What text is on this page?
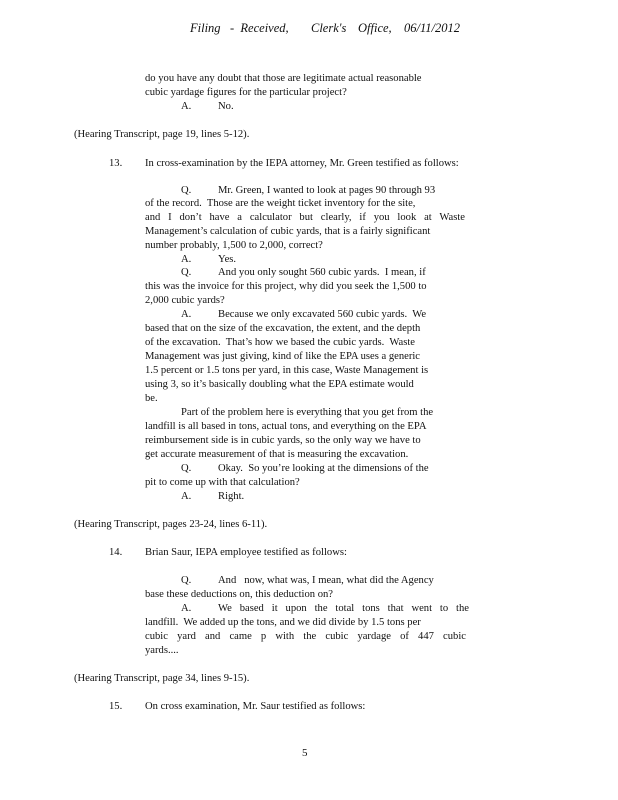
Filing -  Received, Clerk's Office, 06/11/2012
do you have any doubt that those are legitimate actual reasonable
cubic yardage figures for the particular project?
A.	No.
(Hearing Transcript, page 19, lines 5-12).
13. In cross-examination by the IEPA attorney, Mr. Green testified as follows:
Q.	Mr. Green, I wanted to look at pages 90 through 93
of the record.  Those are the weight ticket inventory for the site,
and I don’t have a calculator but clearly, if you look at Waste
Management’s calculation of cubic yards, that is a fairly significant
number probably, 1,500 to 2,000, correct?
A.	Yes.
Q.	And you only sought 560 cubic yards.  I mean, if
this was the invoice for this project, why did you seek the 1,500 to
2,000 cubic yards?
A.	Because we only excavated 560 cubic yards.  We
based that on the size of the excavation, the extent, and the depth
of the excavation.  That’s how we based the cubic yards.  Waste
Management was just giving, kind of like the EPA uses a generic
1.5 percent or 1.5 tons per yard, in this case, Waste Management is
using 3, so it’s basically doubling what the EPA estimate would
be.
Part of the problem here is everything that you get from the
landfill is all based in tons, actual tons, and everything on the EPA
reimbursement side is in cubic yards, so the only way we have to
get accurate measurement of that is measuring the excavation.
Q.	Okay.  So you’re looking at the dimensions of the
pit to come up with that calculation?
A.	Right.
(Hearing Transcript, pages 23-24, lines 6-11).
14. Brian Saur, IEPA employee testified as follows:
Q.	And   now, what was, I mean, what did the Agency
base these deductions on, this deduction on?
A.	We based it upon the total tons that went to the
landfill.  We added up the tons, and we did divide by 1.5 tons per
cubic yard and came p with the cubic yardage of 447 cubic
yards....
(Hearing Transcript, page 34, lines 9-15).
15. On cross examination, Mr. Saur testified as follows:
5
